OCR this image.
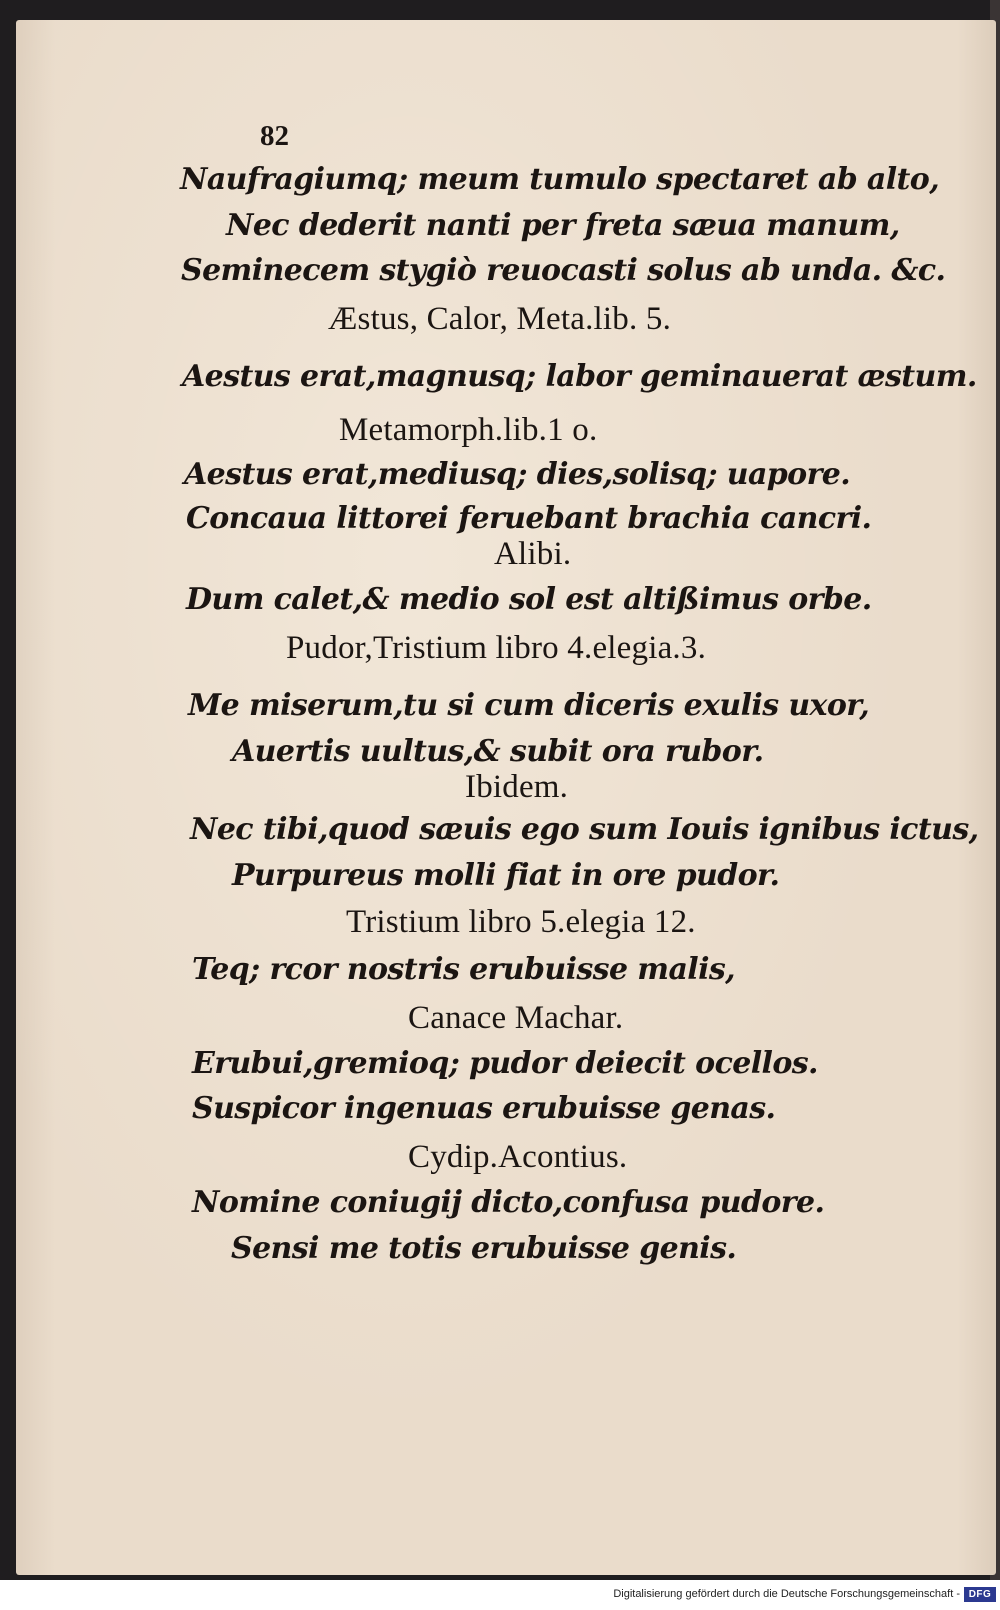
82

Naufragiumq; meum tumulo spectaret ab alto,

Nec dederit nanti per freta sæua manum,

Seminecem stygiò reuocasti solus ab unda. &c.

Æstus, Calor, Meta.lib. 5.

Aestus erat,magnusq; labor geminauerat æstum.

Metamorph.lib.1 o.

Aestus erat,mediusq; dies,solisq; uapore.

Concaua littorei feruebant brachia cancri.

Alibi.

Dum calet,& medio sol est altißimus orbe.

Pudor,Tristium libro 4.elegia.3.

Me miserum,tu si cum diceris exulis uxor,

Auertis uultus,& subit ora rubor.

Ibidem.

Nec tibi,quod sæuis ego sum Iouis ignibus ictus,

Purpureus molli fiat in ore pudor.

Tristium libro 5.elegia 12.

Teq; rcor nostris erubuisse malis,

Canace Machar.

Erubui,gremioq; pudor deiecit ocellos.

Suspicor ingenuas erubuisse genas.

Cydip.Acontius.

Nomine coniugij dicto,confusa pudore.

Sensi me totis erubuisse genis.

Digitalisierung gefördert durch die Deutsche Forschungsgemeinschaft - DFG
